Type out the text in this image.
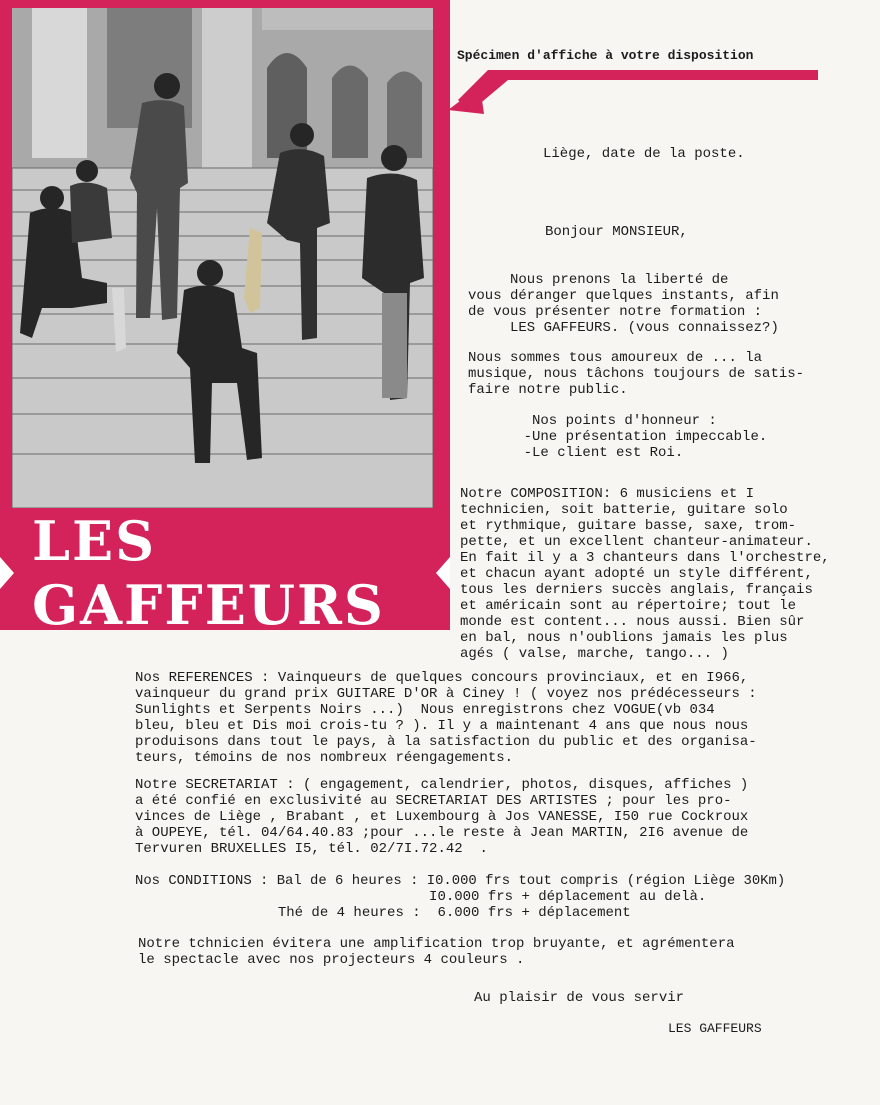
LES GAFFEURS
Spécimen d'affiche à votre disposition
Liège, date de la poste.
Bonjour MONSIEUR,
Nous prenons la liberté de
vous déranger quelques instants, afin
de vous présenter notre formation :
LES GAFFEURS. (vous connaissez?)
Nous sommes tous amoureux de ... la
musique, nous tâchons toujours de satis-
faire notre public.
Nos points d'honneur :
-Une présentation impeccable.
-Le client est Roi.
Notre COMPOSITION: 6 musiciens et I
technicien, soit batterie, guitare solo
et rythmique, guitare basse, saxe, trom-
pette, et un excellent chanteur-animateur.
En fait il y a 3 chanteurs dans l'orchestre,
et chacun ayant adopté un style différent,
tous les derniers succès anglais, français
et américain sont au répertoire; tout le
monde est content... nous aussi. Bien sûr
en bal, nous n'oublions jamais les plus
agés ( valse, marche, tango... )
Nos REFERENCES : Vainqueurs de quelques concours provinciaux, et en I966,
vainqueur du grand prix GUITARE D'OR à Ciney ! ( voyez nos prédécesseurs :
Sunlights et Serpents Noirs ...)  Nous enregistrons chez VOGUE(vb 034
bleu, bleu et Dis moi crois-tu ? ). Il y a maintenant 4 ans que nous nous
produisons dans tout le pays, à la satisfaction du public et des organisa-
teurs, témoins de nos nombreux réengagements.
Notre SECRETARIAT : ( engagement, calendrier, photos, disques, affiches )
a été confié en exclusivité au SECRETARIAT DES ARTISTES ; pour les pro-
vinces de Liège , Brabant , et Luxembourg à Jos VANESSE, I50 rue Cockroux
à OUPEYE, tél. 04/64.40.83 ;pour ...le reste à Jean MARTIN, 2I6 avenue de
Tervuren BRUXELLES I5, tél. 02/7I.72.42  .
Nos CONDITIONS : Bal de 6 heures : I0.000 frs tout compris (région Liège 30Km)
I0.000 frs + déplacement au delà.
Thé de 4 heures :  6.000 frs + déplacement
Notre tchnicien évitera une amplification trop bruyante, et agrémentera
le spectacle avec nos projecteurs 4 couleurs .
Au plaisir de vous servir
LES GAFFEURS
